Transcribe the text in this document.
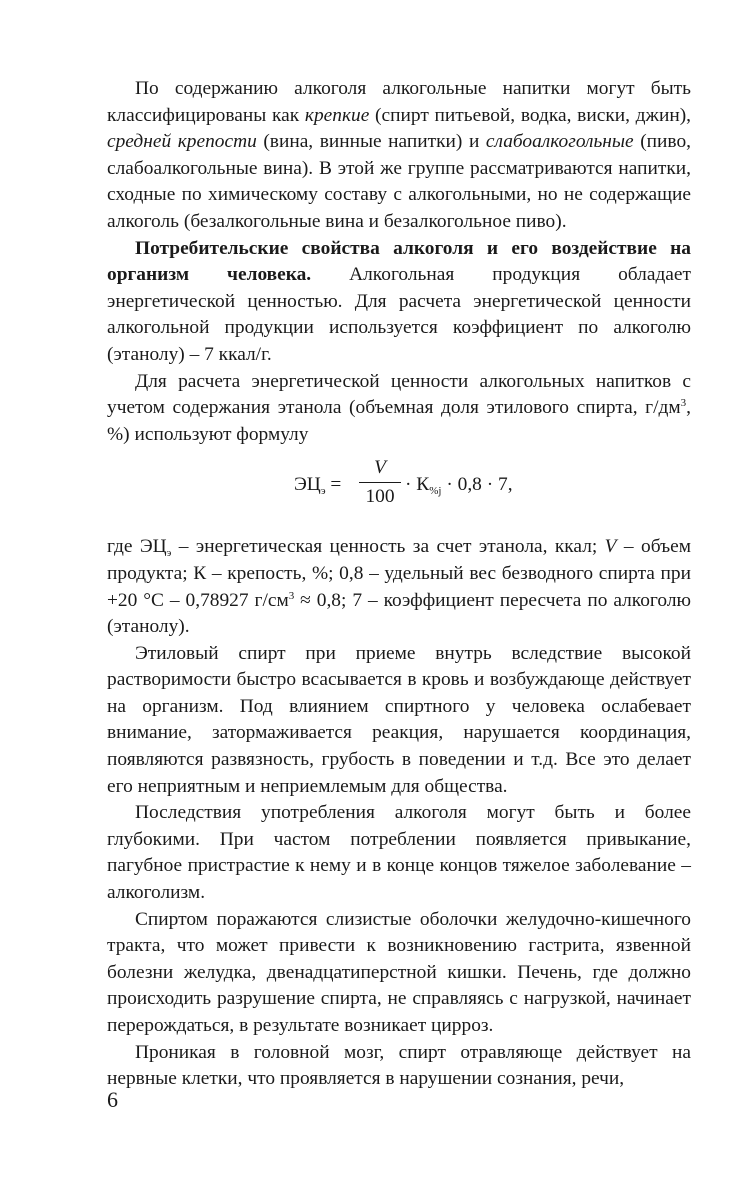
По содержанию алкоголя алкогольные напитки могут быть классифицированы как крепкие (спирт питьевой, водка, виски, джин), средней крепости (вина, винные напитки) и слабоалкогольные (пиво, слабоалкогольные вина). В этой же группе рассматриваются напитки, сходные по химическому составу с алкогольными, но не содержащие алкоголь (безалкогольные вина и безалкогольное пиво).

Потребительские свойства алкоголя и его воздействие на организм человека. Алкогольная продукция обладает энергетической ценностью. Для расчета энергетической ценности алкогольной продукции используется коэффициент по алкоголю (этанолу) – 7 ккал/г.

Для расчета энергетической ценности алкогольных напитков с учетом содержания этанола (объемная доля этилового спирта, $г/дм^3$, %) используют формулу

$ЭЦ_э$ =
V
100
· $К_{\%j} \cdot 0,8 \cdot 7$,

где $ЭЦ_э$ – энергетическая ценность за счет этанола, ккал; V – объем продукта; К – крепость, %; 0,8 – удельный вес безводного спирта при +20 °С – 0,78927 $г/см^3 \approx 0,8$; 7 – коэффициент пересчета по алкоголю (этанолу).

Этиловый спирт при приеме внутрь вследствие высокой растворимости быстро всасывается в кровь и возбуждающе действует на организм. Под влиянием спиртного у человека ослабевает внимание, затормаживается реакция, нарушается координация, появляются развязность, грубость в поведении и т.д. Все это делает его неприятным и неприемлемым для общества.

Последствия употребления алкоголя могут быть и более глубокими. При частом потреблении появляется привыкание, пагубное пристрастие к нему и в конце концов тяжелое заболевание – алкоголизм.

Спиртом поражаются слизистые оболочки желудочно-кишечного тракта, что может привести к возникновению гастрита, язвенной болезни желудка, двенадцатиперстной кишки. Печень, где должно происходить разрушение спирта, не справляясь с нагрузкой, начинает перерождаться, в результате возникает цирроз.

Проникая в головной мозг, спирт отравляюще действует на нервные клетки, что проявляется в нарушении сознания, речи,

6
